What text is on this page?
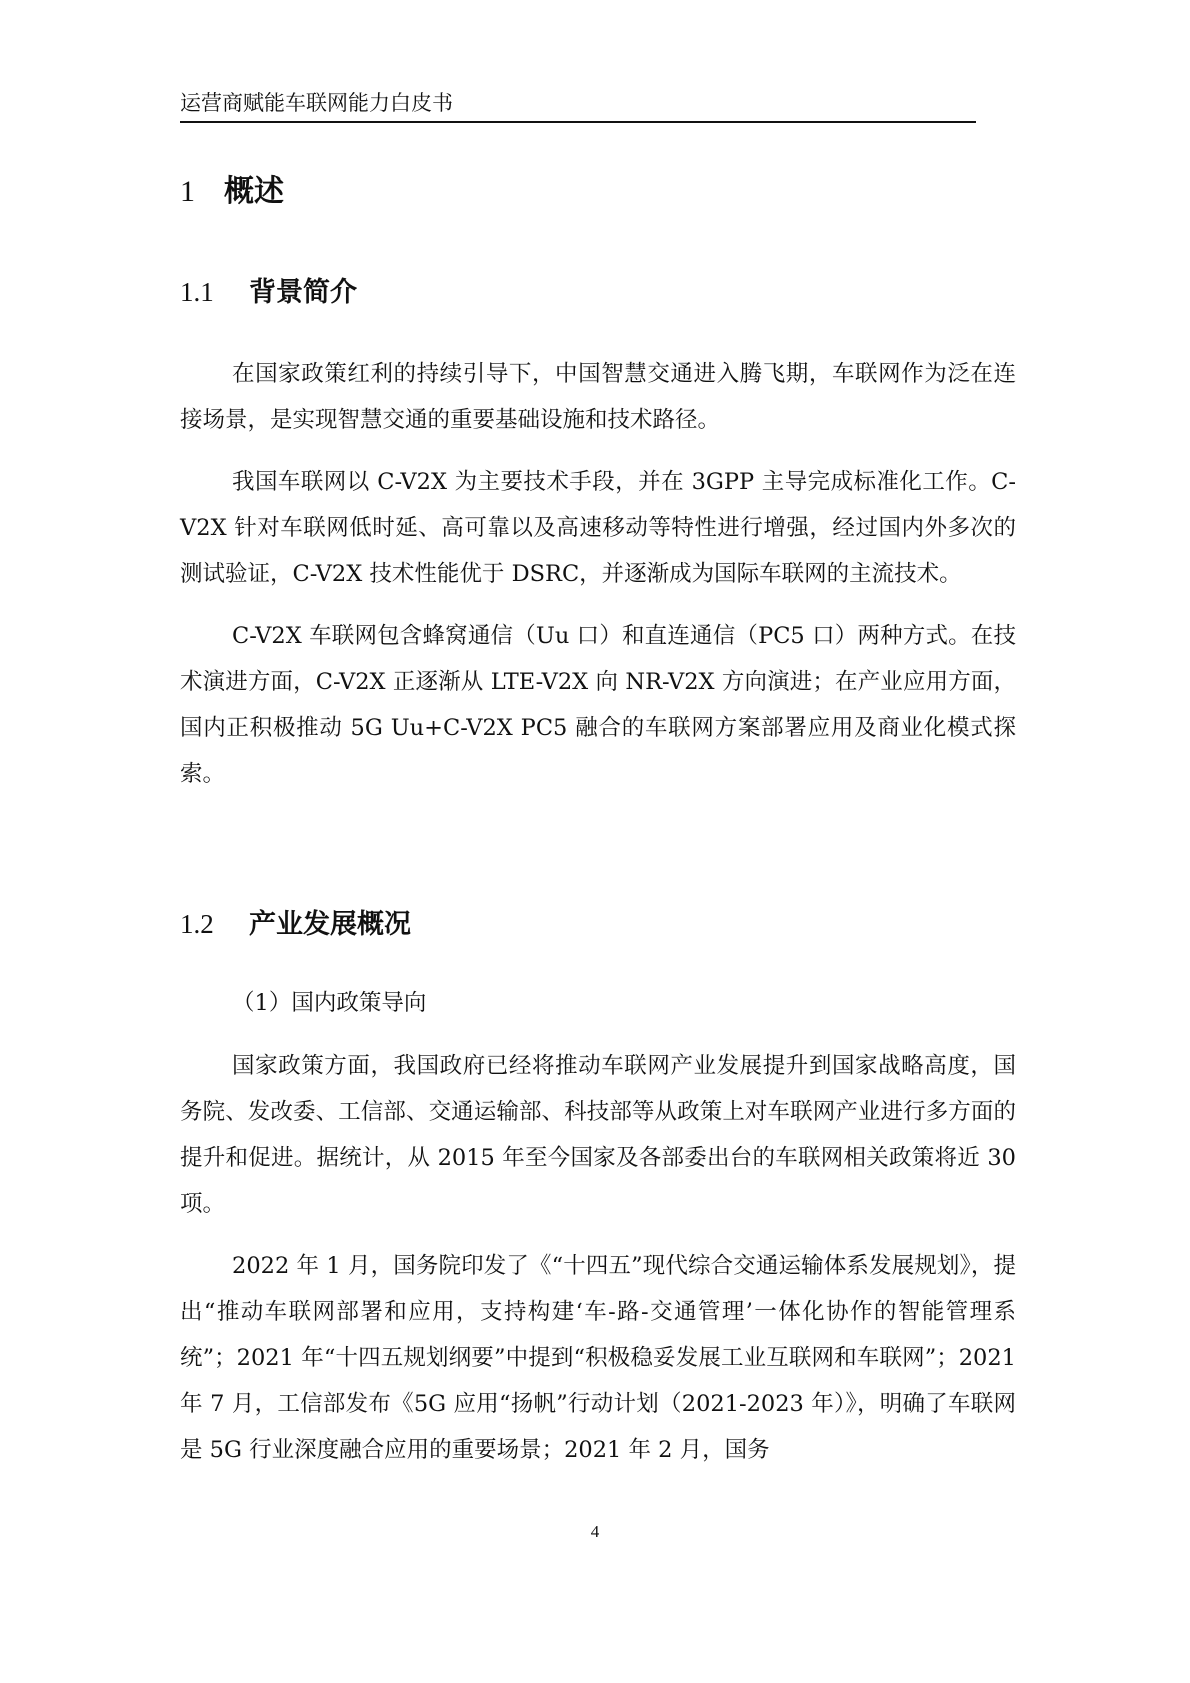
运营商赋能车联网能力白皮书
1 概述
1.1 背景简介

在国家政策红利的持续引导下，中国智慧交通进入腾飞期，车联网作为泛在连接场景，是实现智慧交通的重要基础设施和技术路径。

我国车联网以 C-V2X 为主要技术手段，并在 3GPP 主导完成标准化工作。C-V2X 针对车联网低时延、高可靠以及高速移动等特性进行增强，经过国内外多次的测试验证，C-V2X 技术性能优于 DSRC，并逐渐成为国际车联网的主流技术。

C-V2X 车联网包含蜂窝通信（Uu 口）和直连通信（PC5 口）两种方式。在技术演进方面，C-V2X 正逐渐从 LTE-V2X 向 NR-V2X 方向演进；在产业应用方面，国内正积极推动 5G Uu+C-V2X PC5 融合的车联网方案部署应用及商业化模式探索。

1.2 产业发展概况

（1）国内政策导向

国家政策方面，我国政府已经将推动车联网产业发展提升到国家战略高度，国务院、发改委、工信部、交通运输部、科技部等从政策上对车联网产业进行多方面的提升和促进。据统计，从 2015 年至今国家及各部委出台的车联网相关政策将近 30 项。

2022 年 1 月，国务院印发了《“十四五”现代综合交通运输体系发展规划》，提出“推动车联网部署和应用，支持构建‘车-路-交通管理’一体化协作的智能管理系统”；2021 年“十四五规划纲要”中提到“积极稳妥发展工业互联网和车联网”；2021 年 7 月，工信部发布《5G 应用“扬帆”行动计划（2021-2023 年）》，明确了车联网是 5G 行业深度融合应用的重要场景；2021 年 2 月，国务

4
